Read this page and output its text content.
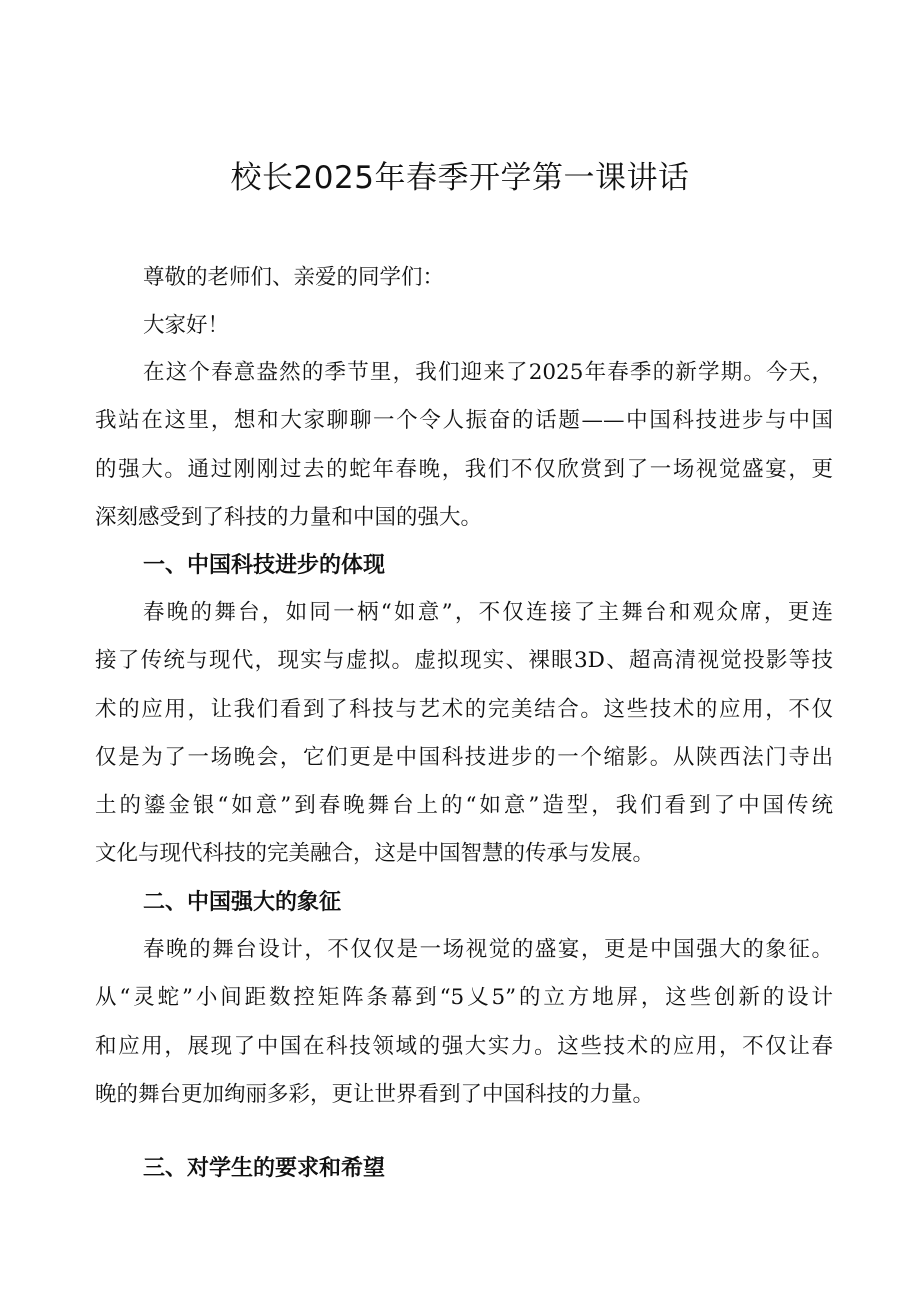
校长2025年春季开学第一课讲话

尊敬的老师们、亲爱的同学们：

大家好！

在这个春意盎然的季节里，我们迎来了2025年春季的新学期。今天，

我站在这里，想和大家聊聊一个令人振奋的话题——中国科技进步与中国

的强大。通过刚刚过去的蛇年春晚，我们不仅欣赏到了一场视觉盛宴，更

深刻感受到了科技的力量和中国的强大。

一、中国科技进步的体现

春晚的舞台，如同一柄“如意”，不仅连接了主舞台和观众席，更连

接了传统与现代，现实与虚拟。虚拟现实、裸眼3D、超高清视觉投影等技

术的应用，让我们看到了科技与艺术的完美结合。这些技术的应用，不仅

仅是为了一场晚会，它们更是中国科技进步的一个缩影。从陕西法门寺出

土的鎏金银“如意”到春晚舞台上的“如意”造型，我们看到了中国传统

文化与现代科技的完美融合，这是中国智慧的传承与发展。

二、中国强大的象征

春晚的舞台设计，不仅仅是一场视觉的盛宴，更是中国强大的象征。

从“灵蛇”小间距数控矩阵条幕到“5乂5”的立方地屏，这些创新的设计

和应用，展现了中国在科技领域的强大实力。这些技术的应用，不仅让春

晚的舞台更加绚丽多彩，更让世界看到了中国科技的力量。

三、对学生的要求和希望
